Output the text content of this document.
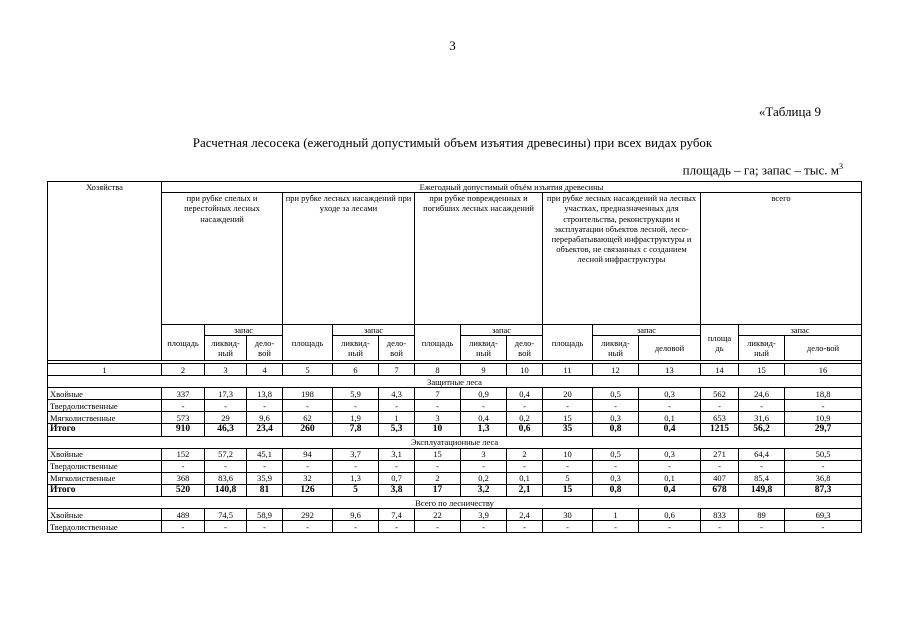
3
«Таблица 9
Расчетная лесосека (ежегодный допустимый объем изъятия древесины) при всех видах рубок
площадь – га; запас – тыс. $м^3$
Хозяйства	Ежегодный допустимый объём изъятия древесины														
	при рубке спелых и перестойных лесных насаждений			при рубке лесных насаждений при уходе за лесами			при рубке поврежденных и погибших лесных насаждений			при рубке лесных насаждений на лесных участках, предназначенных для строительства, реконструкции и эксплуатации объектов лесной, лесо-перерабатывающей инфраструктуры и объектов, не связанных с созданием лесной инфраструктуры			всего		
	площадь	запас		площадь	запас		площадь	запас		площадь	запас		площа дь	запас	
		ликвид-ный	дело-вой		ликвид-ный	дело-вой		ликвид-ный	дело-вой		ликвид-ный	деловой		ликвид-ный	дело-вой

1	2	3	4	5	6	7	8	9	10	11	12	13	14	15	16
Защитные леса															
Хвойные	337	17,3	13,8	198	5,9	4,3	7	0,9	0,4	20	0,5	0,3	562	24,6	18,8
Твердолиственные	-	-	-	-	-	-	-	-	-	-	-	-	-	-	-
Мягколиственные	573	29	9,6	62	1,9	1	3	0,4	0,2	15	0,3	0,1	653	31,6	10,9
Итого	910	46,3	23,4	260	7,8	5,3	10	1,3	0,6	35	0,8	0,4	1215	56,2	29,7
Эксплуатационные леса															
Хвойные	152	57,2	45,1	94	3,7	3,1	15	3	2	10	0,5	0,3	271	64,4	50,5
Твердолиственные	-	-	-	-	-	-	-	-	-	-	-	-	-	-	-
Мягколиственные	368	83,6	35,9	32	1,3	0,7	2	0,2	0,1	5	0,3	0,1	407	85,4	36,8
Итого	520	140,8	81	126	5	3,8	17	3,2	2,1	15	0,8	0,4	678	149,8	87,3
Всего по лесничеству															
Хвойные	489	74,5	58,9	292	9,6	7,4	22	3,9	2,4	30	1	0,6	833	89	69,3
Твердолиственные	-	-	-	-	-	-	-	-	-	-	-	-	-	-	-
